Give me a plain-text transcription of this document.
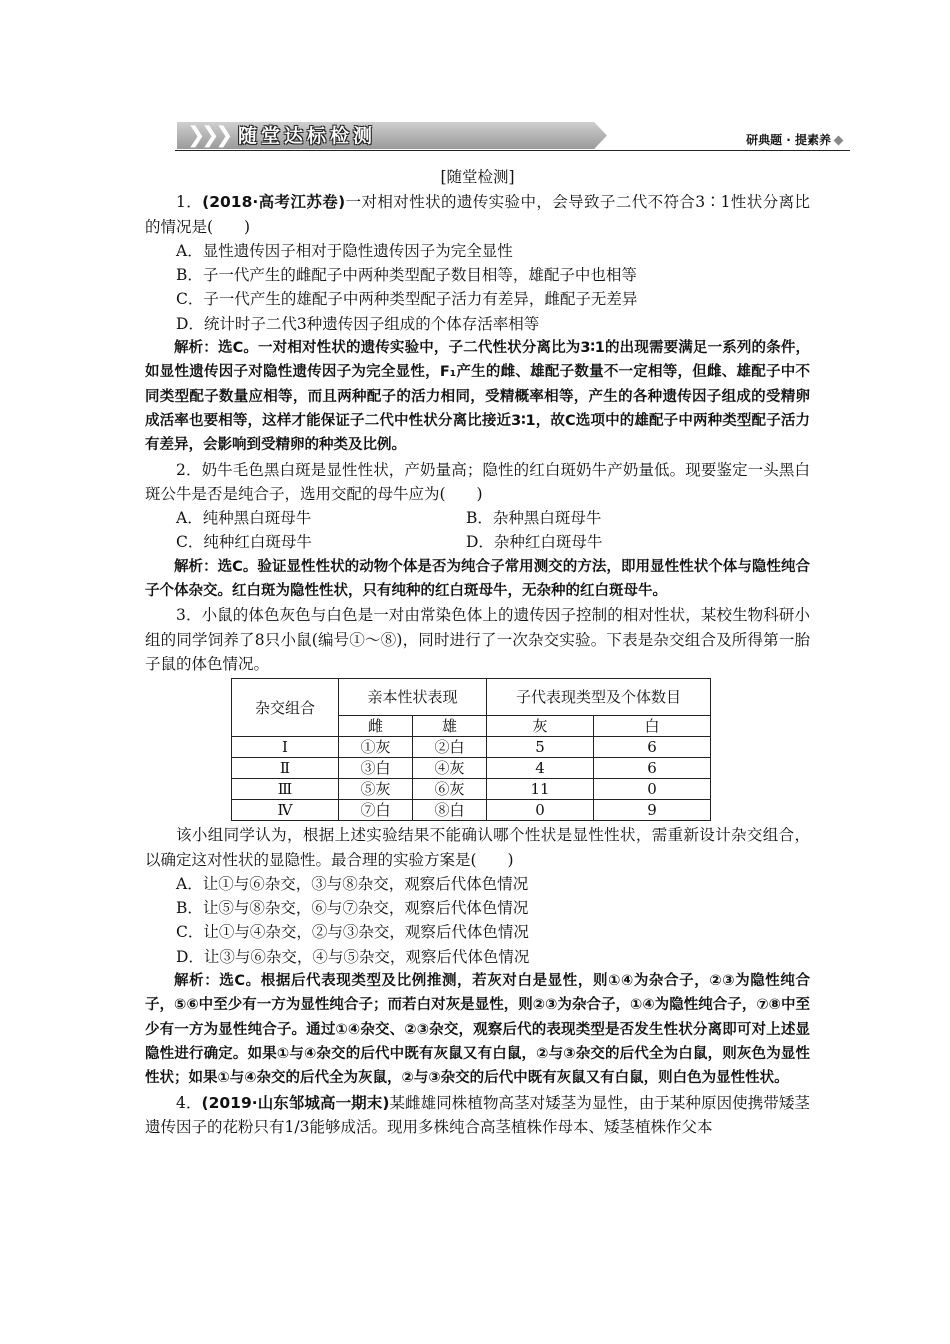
❯
❯
❯ 随堂达标检测	研典题 · 提素养
[随堂检测]

1．(2018·高考江苏卷)一对相对性状的遗传实验中，会导致子二代不符合3∶1性状分离比的情况是(　　)

A．显性遗传因子相对于隐性遗传因子为完全显性

B．子一代产生的雌配子中两种类型配子数目相等，雄配子中也相等

C．子一代产生的雄配子中两种类型配子活力有差异，雌配子无差异

D．统计时子二代3种遗传因子组成的个体存活率相等

解析：选C。一对相对性状的遗传实验中，子二代性状分离比为3∶1的出现需要满足一系列的条件，如显性遗传因子对隐性遗传因子为完全显性，F₁产生的雌、雄配子数量不一定相等，但雌、雄配子中不同类型配子数量应相等，而且两种配子的活力相同，受精概率相等，产生的各种遗传因子组成的受精卵成活率也要相等，这样才能保证子二代中性状分离比接近3∶1，故C选项中的雄配子中两种类型配子活力有差异，会影响到受精卵的种类及比例。

2．奶牛毛色黑白斑是显性性状，产奶量高；隐性的红白斑奶牛产奶量低。现要鉴定一头黑白斑公牛是否是纯合子，选用交配的母牛应为(　　)

A．纯种黑白斑母牛	B．杂种黑白斑母牛
C．纯种红白斑母牛	D．杂种红白斑母牛

解析：选C。验证显性性状的动物个体是否为纯合子常用测交的方法，即用显性性状个体与隐性纯合子个体杂交。红白斑为隐性性状，只有纯种的红白斑母牛，无杂种的红白斑母牛。

3．小鼠的体色灰色与白色是一对由常染色体上的遗传因子控制的相对性状，某校生物科研小组的同学饲养了8只小鼠(编号①～⑧)，同时进行了一次杂交实验。下表是杂交组合及所得第一胎子鼠的体色情况。

杂交组合	亲本性状表现		子代表现类型及个体数目	
	雌	雄	灰	白
Ⅰ	①灰	②白	5	6
Ⅱ	③白	④灰	4	6
Ⅲ	⑤灰	⑥灰	11	0
Ⅳ	⑦白	⑧白	0	9

该小组同学认为，根据上述实验结果不能确认哪个性状是显性性状，需重新设计杂交组合，以确定这对性状的显隐性。最合理的实验方案是(　　)

A．让①与⑥杂交，③与⑧杂交，观察后代体色情况

B．让⑤与⑧杂交，⑥与⑦杂交，观察后代体色情况

C．让①与④杂交，②与③杂交，观察后代体色情况

D．让③与⑥杂交，④与⑤杂交，观察后代体色情况

解析：选C。根据后代表现类型及比例推测，若灰对白是显性，则①④为杂合子，②③为隐性纯合子，⑤⑥中至少有一方为显性纯合子；而若白对灰是显性，则②③为杂合子，①④为隐性纯合子，⑦⑧中至少有一方为显性纯合子。通过①④杂交、②③杂交，观察后代的表现类型是否发生性状分离即可对上述显隐性进行确定。如果①与④杂交的后代中既有灰鼠又有白鼠，②与③杂交的后代全为白鼠，则灰色为显性性状；如果①与④杂交的后代全为灰鼠，②与③杂交的后代中既有灰鼠又有白鼠，则白色为显性性状。

4．(2019·山东邹城高一期末)某雌雄同株植物高茎对矮茎为显性，由于某种原因使携带矮茎遗传因子的花粉只有1/3能够成活。现用多株纯合高茎植株作母本、矮茎植株作父本
